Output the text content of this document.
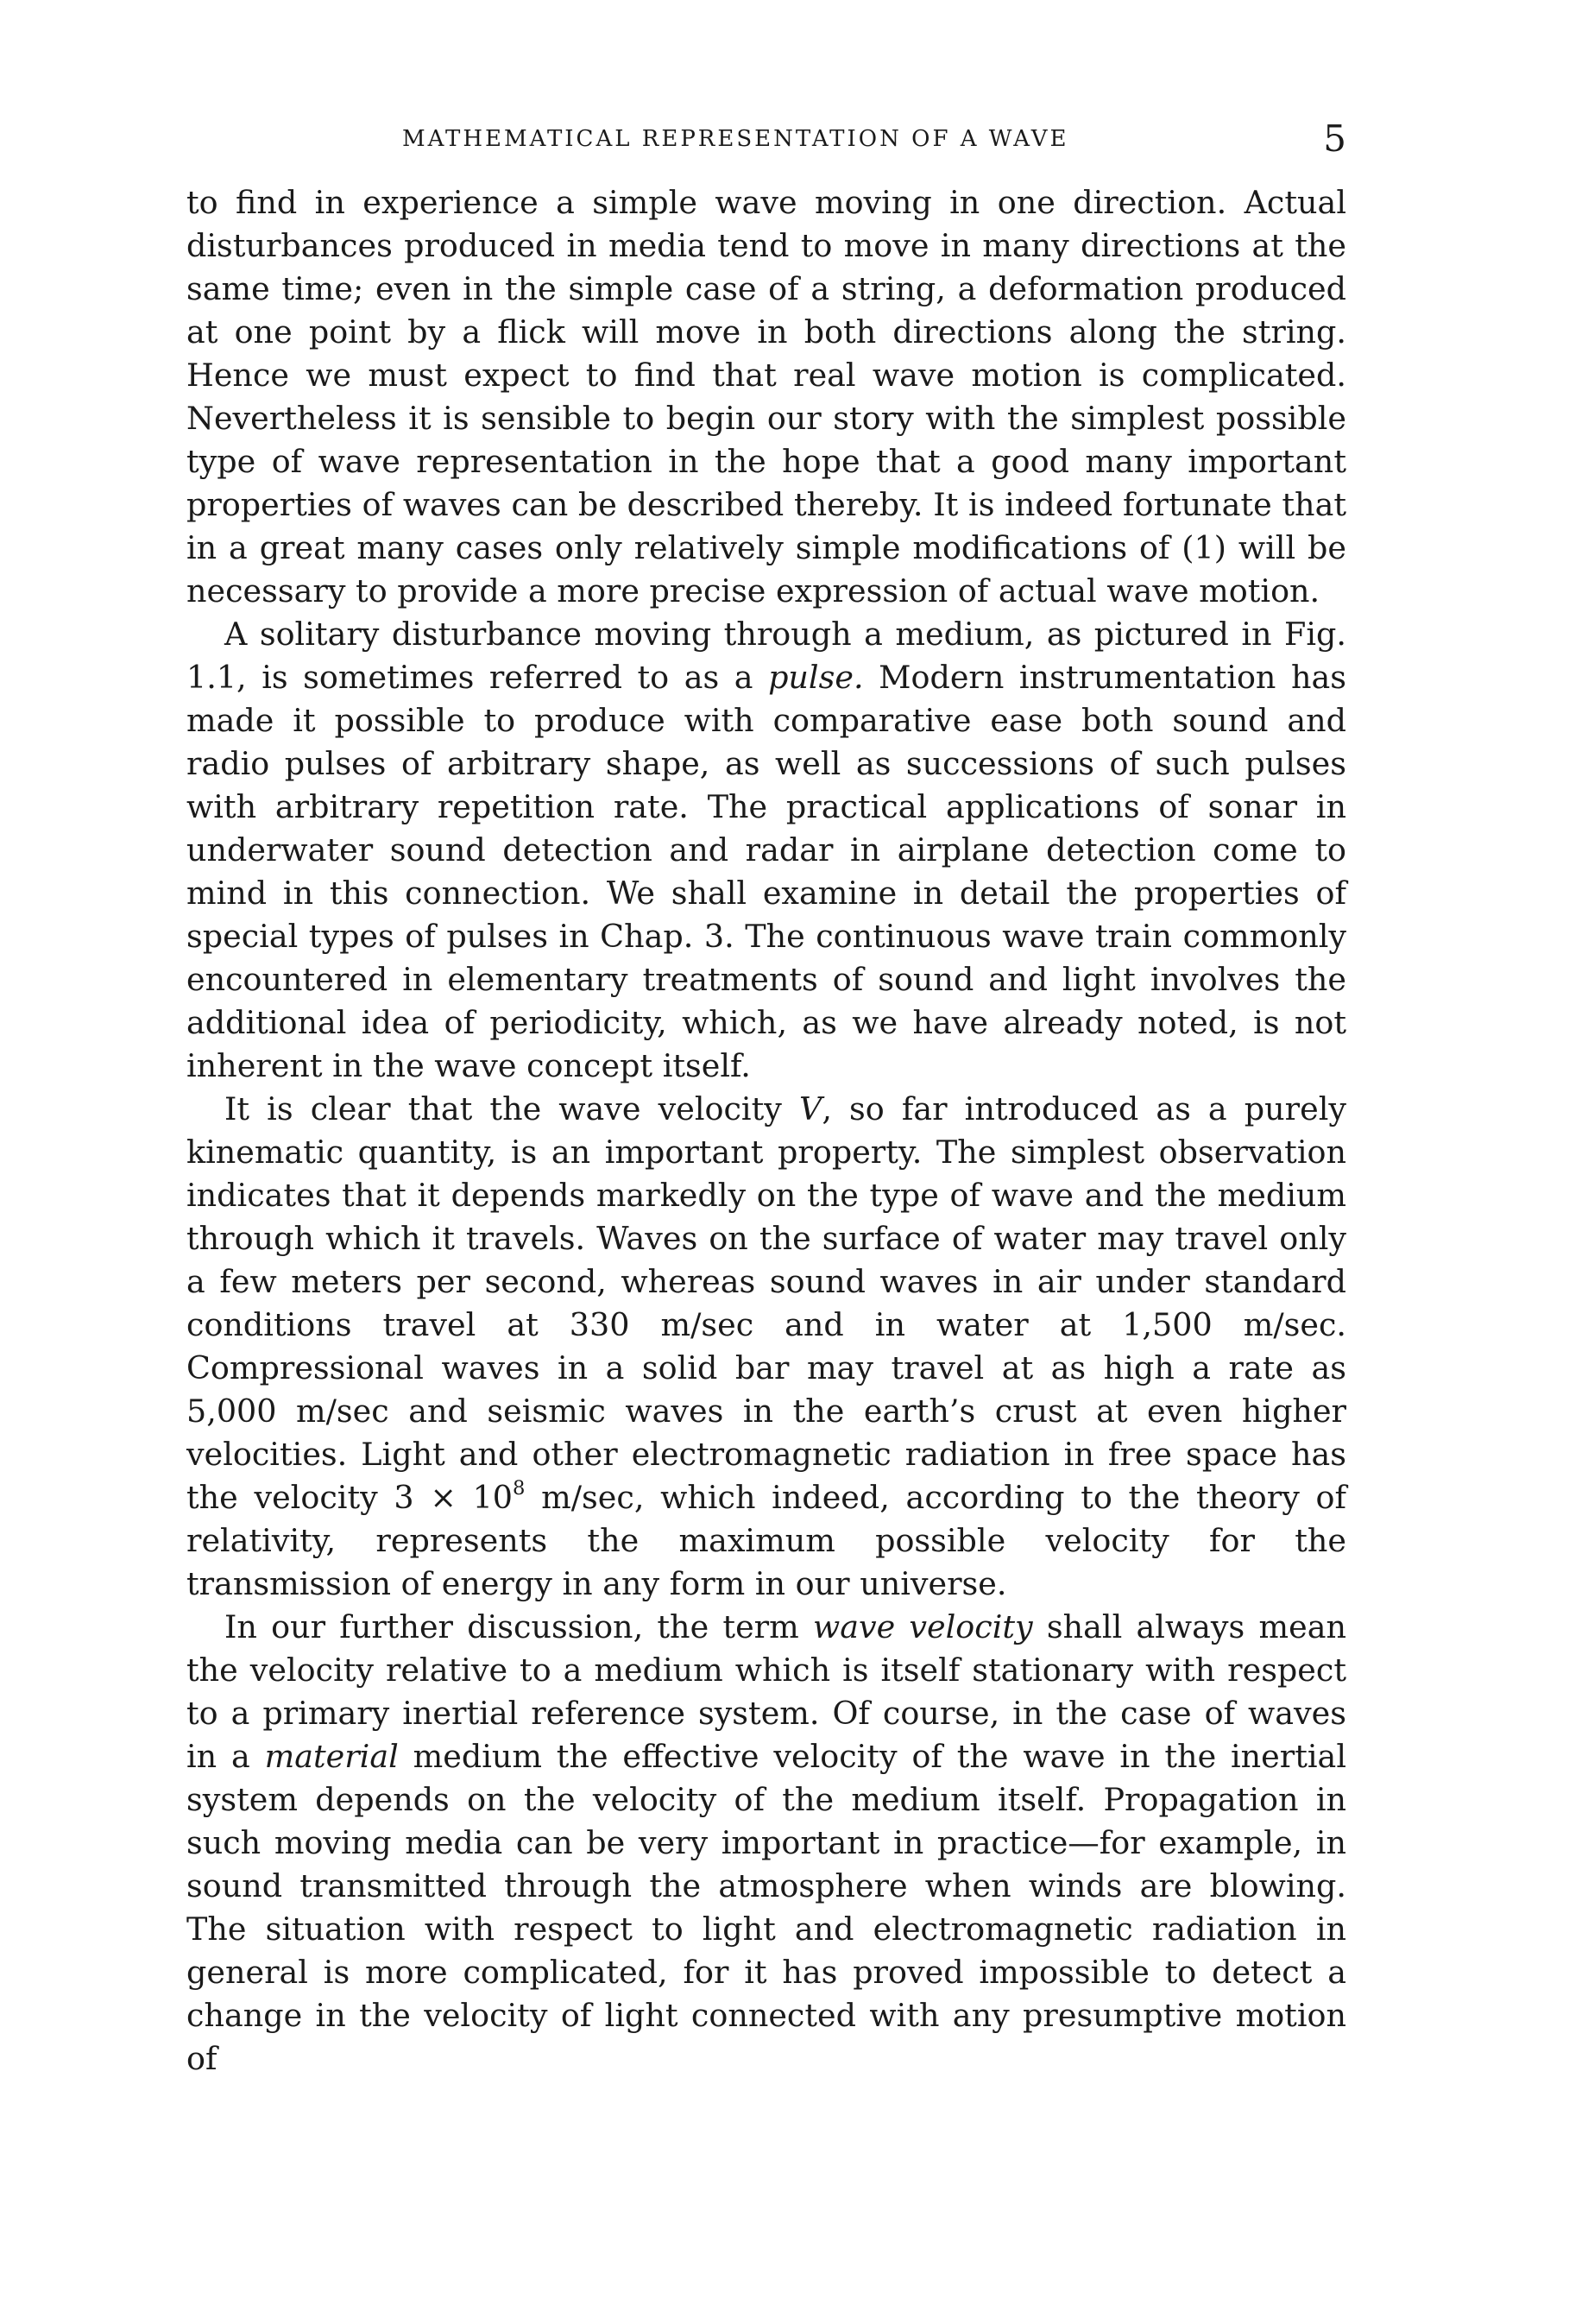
MATHEMATICAL REPRESENTATION OF A WAVE	5

to find in experience a simple wave moving in one direction. Actual disturbances produced in media tend to move in many directions at the same time; even in the simple case of a string, a deformation produced at one point by a flick will move in both directions along the string. Hence we must expect to find that real wave motion is complicated. Nevertheless it is sensible to begin our story with the simplest possible type of wave representation in the hope that a good many important properties of waves can be described thereby. It is indeed fortunate that in a great many cases only relatively simple modifications of (1) will be necessary to provide a more precise expression of actual wave motion.

A solitary disturbance moving through a medium, as pictured in Fig. 1.1, is sometimes referred to as a pulse. Modern instrumentation has made it possible to produce with comparative ease both sound and radio pulses of arbitrary shape, as well as successions of such pulses with arbitrary repetition rate. The practical applications of sonar in underwater sound detection and radar in airplane detection come to mind in this connection. We shall examine in detail the properties of special types of pulses in Chap. 3. The continuous wave train commonly encountered in elementary treatments of sound and light involves the additional idea of periodicity, which, as we have already noted, is not inherent in the wave concept itself.

It is clear that the wave velocity V, so far introduced as a purely kinematic quantity, is an important property. The simplest observation indicates that it depends markedly on the type of wave and the medium through which it travels. Waves on the surface of water may travel only a few meters per second, whereas sound waves in air under standard conditions travel at 330 m/sec and in water at 1,500 m/sec. Compressional waves in a solid bar may travel at as high a rate as 5,000 m/sec and seismic waves in the earth’s crust at even higher velocities. Light and other electromagnetic radiation in free space has the velocity $3 \times 10^8$ m/sec, which indeed, according to the theory of relativity, represents the maximum possible velocity for the transmission of energy in any form in our universe.

In our further discussion, the term wave velocity shall always mean the velocity relative to a medium which is itself stationary with respect to a primary inertial reference system. Of course, in the case of waves in a material medium the effective velocity of the wave in the inertial system depends on the velocity of the medium itself. Propagation in such moving media can be very important in practice—for example, in sound transmitted through the atmosphere when winds are blowing. The situation with respect to light and electromagnetic radiation in general is more complicated, for it has proved impossible to detect a change in the velocity of light connected with any presumptive motion of
